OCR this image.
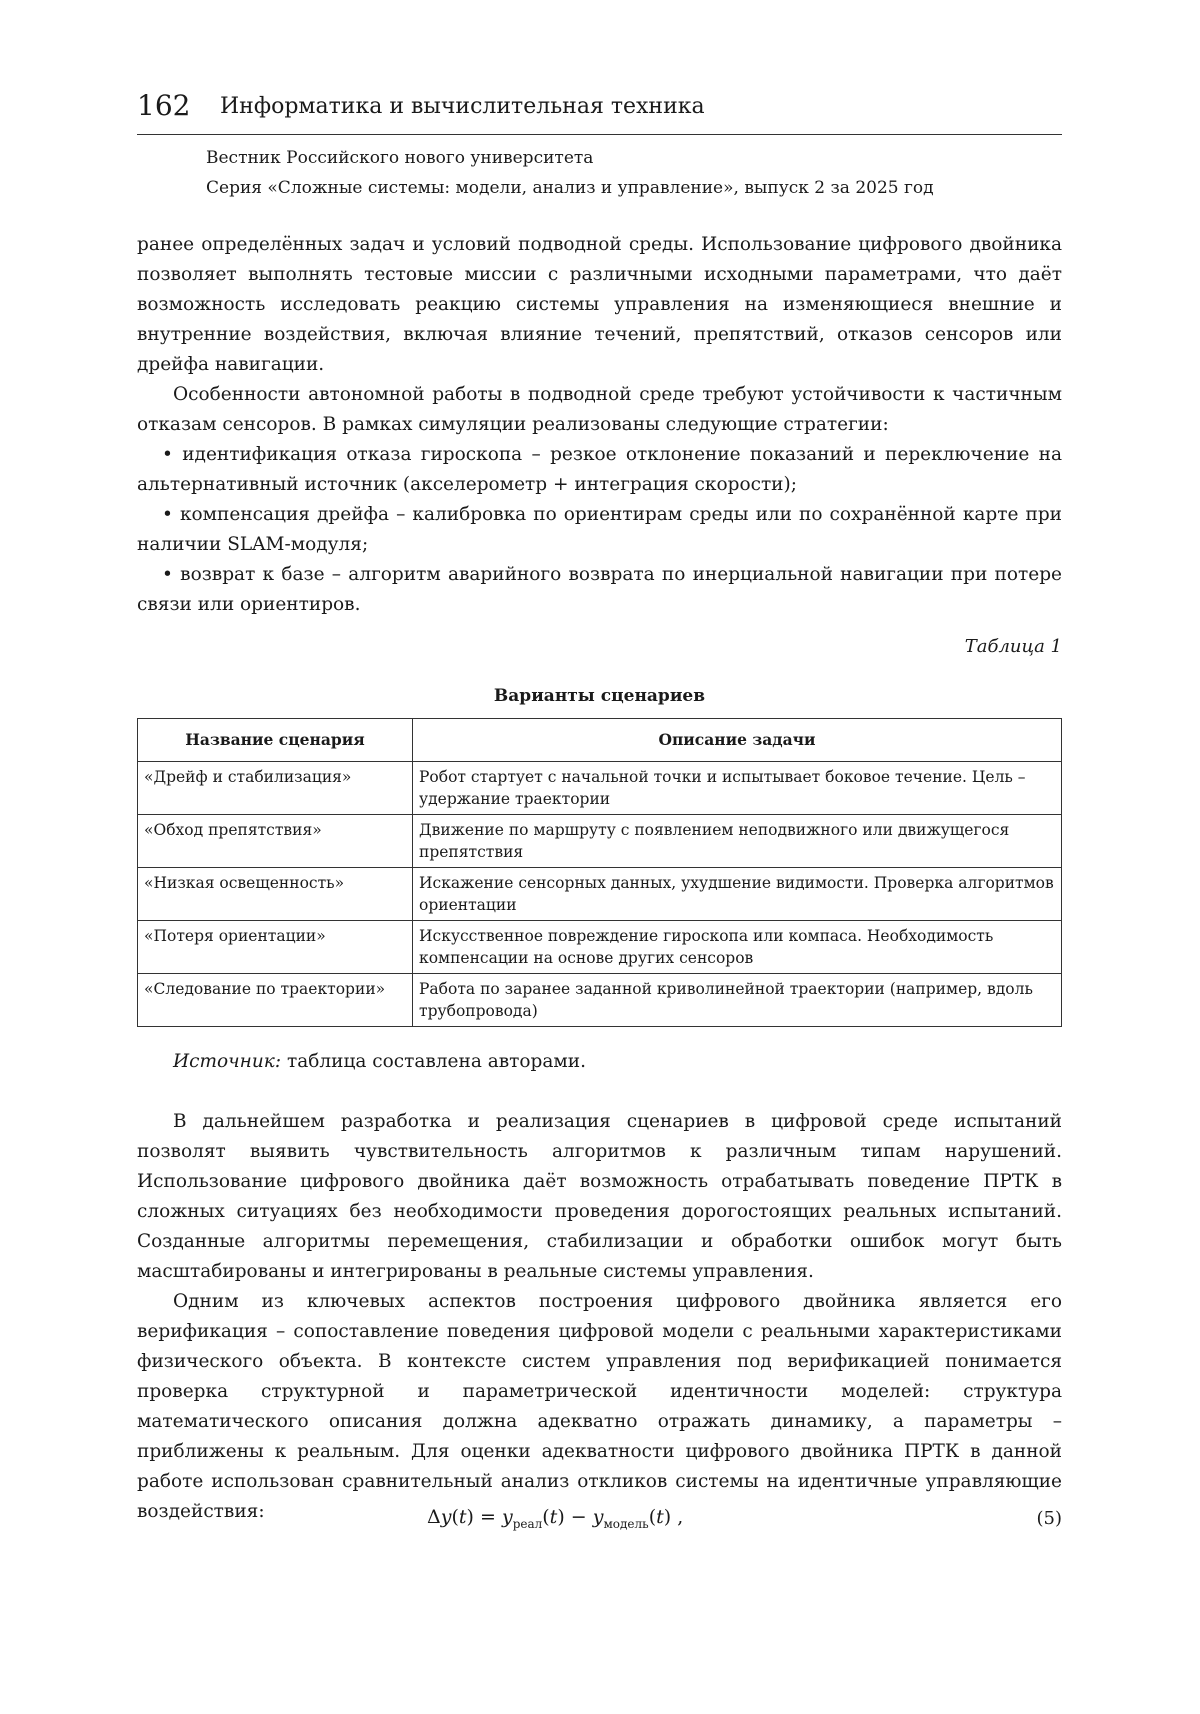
162 Информатика и вычислительная техника
Вестник Российского нового университета
Серия «Сложные системы: модели, анализ и управление», выпуск 2 за 2025 год

ранее определённых задач и условий подводной среды. Использование цифрового двойника позволяет выполнять тестовые миссии с различными исходными параметрами, что даёт возможность исследовать реакцию системы управления на изменяющиеся внешние и внутренние воздействия, включая влияние течений, препятствий, отказов сенсоров или дрейфа навигации.

Особенности автономной работы в подводной среде требуют устойчивости к частичным отказам сенсоров. В рамках симуляции реализованы следующие стратегии:

• идентификация отказа гироскопа – резкое отклонение показаний и переключение на альтернативный источник (акселерометр + интеграция скорости);

• компенсация дрейфа – калибровка по ориентирам среды или по сохранённой карте при наличии SLAM-модуля;

• возврат к базе – алгоритм аварийного возврата по инерциальной навигации при потере связи или ориентиров.

Таблица 1
Варианты сценариев
Название сценария	Описание задачи
«Дрейф и стабилизация»	Робот стартует с начальной точки и испытывает боковое течение. Цель – удержание траектории
«Обход препятствия»	Движение по маршруту с появлением неподвижного или движущегося препятствия
«Низкая освещенность»	Искажение сенсорных данных, ухудшение видимости. Проверка алгоритмов ориентации
«Потеря ориентации»	Искусственное повреждение гироскопа или компаса. Необходимость компенсации на основе других сенсоров
«Следование по траектории»	Работа по заранее заданной криволинейной траектории (например, вдоль трубопровода)
Источник: таблица составлена авторами.

В дальнейшем разработка и реализация сценариев в цифровой среде испытаний позволят выявить чувствительность алгоритмов к различным типам нарушений. Использование цифрового двойника даёт возможность отрабатывать поведение ПРТК в сложных ситуациях без необходимости проведения дорогостоящих реальных испытаний. Созданные алгоритмы перемещения, стабилизации и обработки ошибок могут быть масштабированы и интегрированы в реальные системы управления.

Одним из ключевых аспектов построения цифрового двойника является его верификация – сопоставление поведения цифровой модели с реальными характеристиками физического объекта. В контексте систем управления под верификацией понимается проверка структурной и параметрической идентичности моделей: структура математического описания должна адекватно отражать динамику, а параметры – приближены к реальным. Для оценки адекватности цифрового двойника ПРТК в данной работе использован сравнительный анализ откликов системы на идентичные управляющие воздействия:	$\Delta y(t) = y_{реал}(t) - y_{модель}(t)$ ,	(5)
